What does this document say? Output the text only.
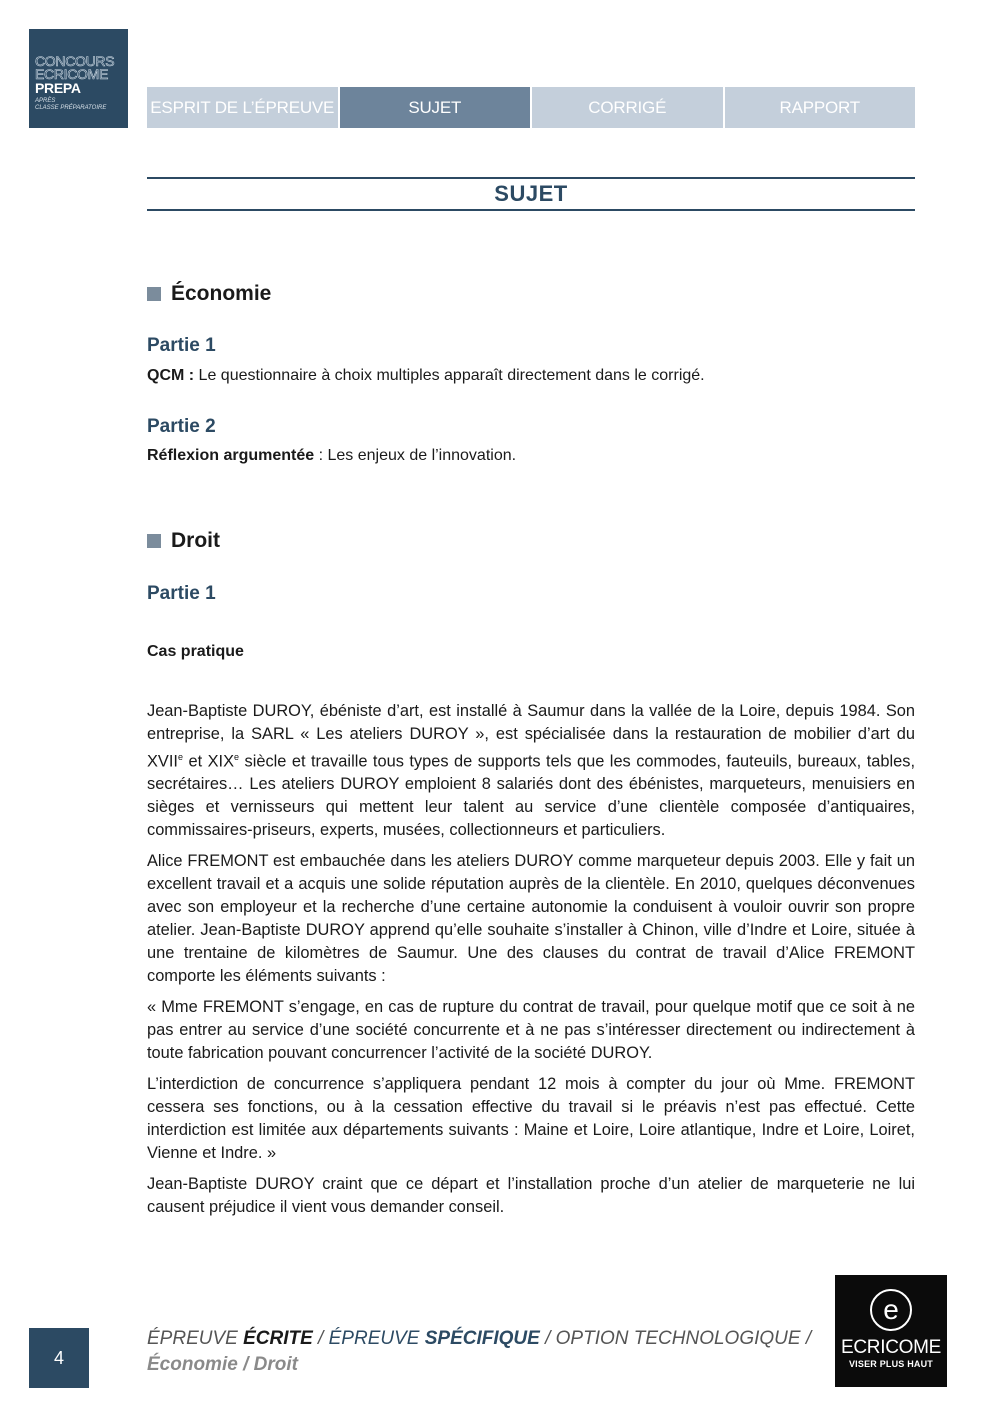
CONCOURS
ECRICOME
PREPA
APRÈS
CLASSE PRÉPARATOIRE	ESPRIT DE L’ÉPREUVE	SUJET	CORRIGÉ	RAPPORT
SUJET
Économie
Partie 1
QCM : Le questionnaire à choix multiples apparaît directement dans le corrigé.
Partie 2
Réflexion argumentée : Les enjeux de l’innovation.
Droit
Partie 1
Cas pratique

Jean-Baptiste DUROY, ébéniste d’art, est installé à Saumur dans la vallée de la Loire, depuis 1984. Son entreprise, la SARL « Les ateliers DUROY », est spécialisée dans la restauration de mobilier d’art du XVIIe et XIXe siècle et travaille tous types de supports tels que les commodes, fauteuils, bureaux, tables, secrétaires… Les ateliers DUROY emploient 8 salariés dont des ébénistes, marqueteurs, menuisiers en sièges et vernisseurs qui mettent leur talent au service d’une clientèle composée d’antiquaires, commissaires-priseurs, experts, musées, collectionneurs et particuliers.

Alice FREMONT est embauchée dans les ateliers DUROY comme marqueteur depuis 2003. Elle y fait un excellent travail et a acquis une solide réputation auprès de la clientèle. En 2010, quelques déconvenues avec son employeur et la recherche d’une certaine autonomie la conduisent à vouloir ouvrir son propre atelier. Jean-Baptiste DUROY apprend qu’elle souhaite s’installer à Chinon, ville d’Indre et Loire, située à une trentaine de kilomètres de Saumur. Une des clauses du contrat de travail d’Alice FREMONT comporte les éléments suivants :

« Mme FREMONT s’engage, en cas de rupture du contrat de travail, pour quelque motif que ce soit à ne pas entrer au service d’une société concurrente et à ne pas s’intéresser directement ou indirectement à toute fabrication pouvant concurrencer l’activité de la société DUROY.

L’interdiction de concurrence s’appliquera pendant 12 mois à compter du jour où Mme. FREMONT cessera ses fonctions, ou à la cessation effective du travail si le préavis n’est pas effectué. Cette interdiction est limitée aux départements suivants : Maine et Loire, Loire atlantique, Indre et Loire, Loiret, Vienne et Indre. »

Jean-Baptiste DUROY craint que ce départ et l’installation proche d’un atelier de marqueterie ne lui causent préjudice il vient vous demander conseil.

4
ÉPREUVE ÉCRITE / ÉPREUVE SPÉCIFIQUE / OPTION TECHNOLOGIQUE /
Économie / Droit
e
ECRICOME
VISER PLUS HAUT
